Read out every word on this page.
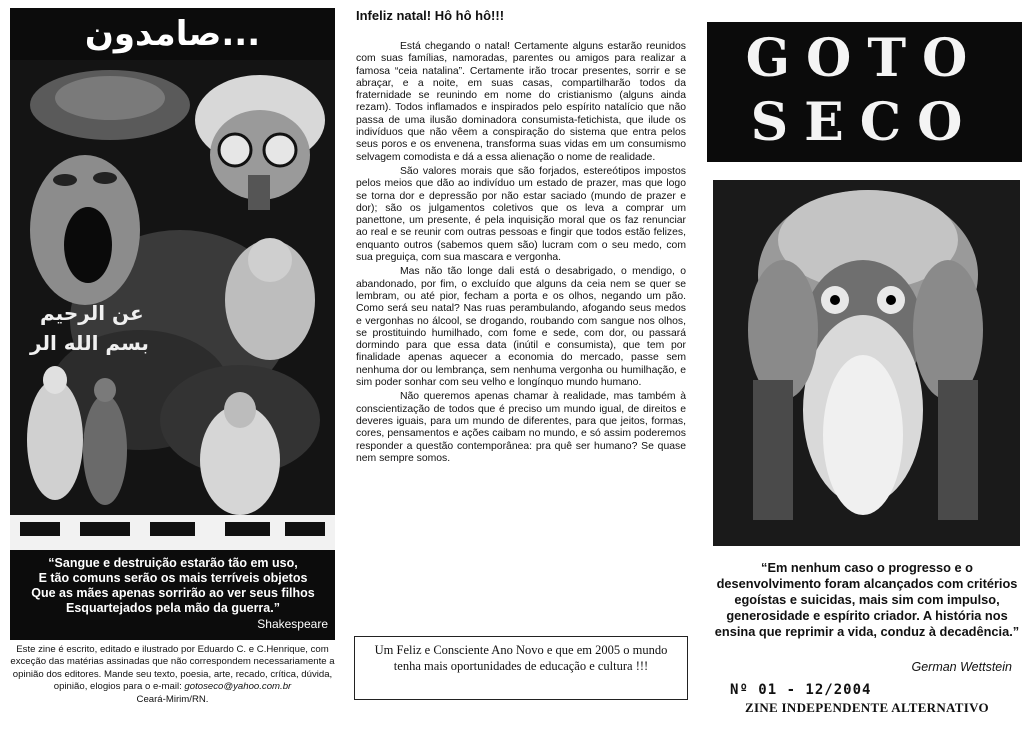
صامدون...
عن الرحيم
بسم الله الر
“Sangue e destruição estarão tão em uso,
E tão comuns serão os mais terríveis objetos
Que as mães apenas sorrirão ao ver seus filhos
Esquartejados pela mão da guerra.”
Shakespeare
Este zine é escrito, editado e ilustrado por Eduardo C. e C.Henrique, com exceção das matérias assinadas que não correspondem necessariamente a opinião dos editores. Mande seu texto, poesia, arte, recado, crítica, dúvida, opinião, elogios para o e-mail: gotoseco@yahoo.com.br
Ceará-Mirim/RN.
Infeliz natal! Hô hô hô!!!

Está chegando o natal! Certamente alguns estarão reunidos com suas famílias, namoradas, parentes ou amigos para realizar a famosa “ceia natalina”. Certamente irão trocar presentes, sorrir e se abraçar, e a noite, em suas casas, compartilharão todos da fraternidade se reunindo em nome do cristianismo (alguns ainda rezam). Todos inflamados e inspirados pelo espírito natalício que não passa de uma ilusão dominadora consumista-fetichista, que ilude os indivíduos que não vêem a conspiração do sistema que entra pelos seus poros e os envenena, transforma suas vidas em um consumismo selvagem comodista e dá a essa alienação o nome de realidade.

São valores morais que são forjados, estereótipos impostos pelos meios que dão ao indivíduo um estado de prazer, mas que logo se torna dor e depressão por não estar saciado (mundo de prazer e dor); são os julgamentos coletivos que os leva a comprar um panettone, um presente, é pela inquisição moral que os faz renunciar ao real e se reunir com outras pessoas e fingir que todos estão felizes, enquanto outros (sabemos quem são) lucram com o seu medo, com sua preguiça, com sua mascara e vergonha.

Mas não tão longe dali está o desabrigado, o mendigo, o abandonado, por fim, o excluído que alguns da ceia nem se quer se lembram, ou até pior, fecham a porta e os olhos, negando um pão. Como será seu natal? Nas ruas perambulando, afogando seus medos e vergonhas no álcool, se drogando, roubando com sangue nos olhos, se prostituindo humilhado, com fome e sede, com dor, ou passará dormindo para que essa data (inútil e consumista), que tem por finalidade apenas aquecer a economia do mercado, passe sem nenhuma dor ou lembrança, sem nenhuma vergonha ou humilhação, e sim poder sonhar com seu velho e longínquo mundo humano.

Não queremos apenas chamar à realidade, mas também à conscientização de todos que é preciso um mundo igual, de direitos e deveres iguais, para um mundo de diferentes, para que jeitos, formas, cores, pensamentos e ações caibam no mundo, e só assim poderemos responder a questão contemporânea: pra quê ser humano? Se quase nem sempre somos.

Um Feliz e Consciente Ano Novo e que em 2005 o mundo tenha mais oportunidades de educação e cultura !!!
GOTO
SECO
“Em nenhum caso o progresso e o desenvolvimento foram alcançados com critérios egoístas e suicidas, mais sim com impulso, generosidade e espírito criador. A história nos ensina que reprimir a vida, conduz à decadência.”
German Wettstein
Nº 01 - 12/2004
ZINE INDEPENDENTE ALTERNATIVO
